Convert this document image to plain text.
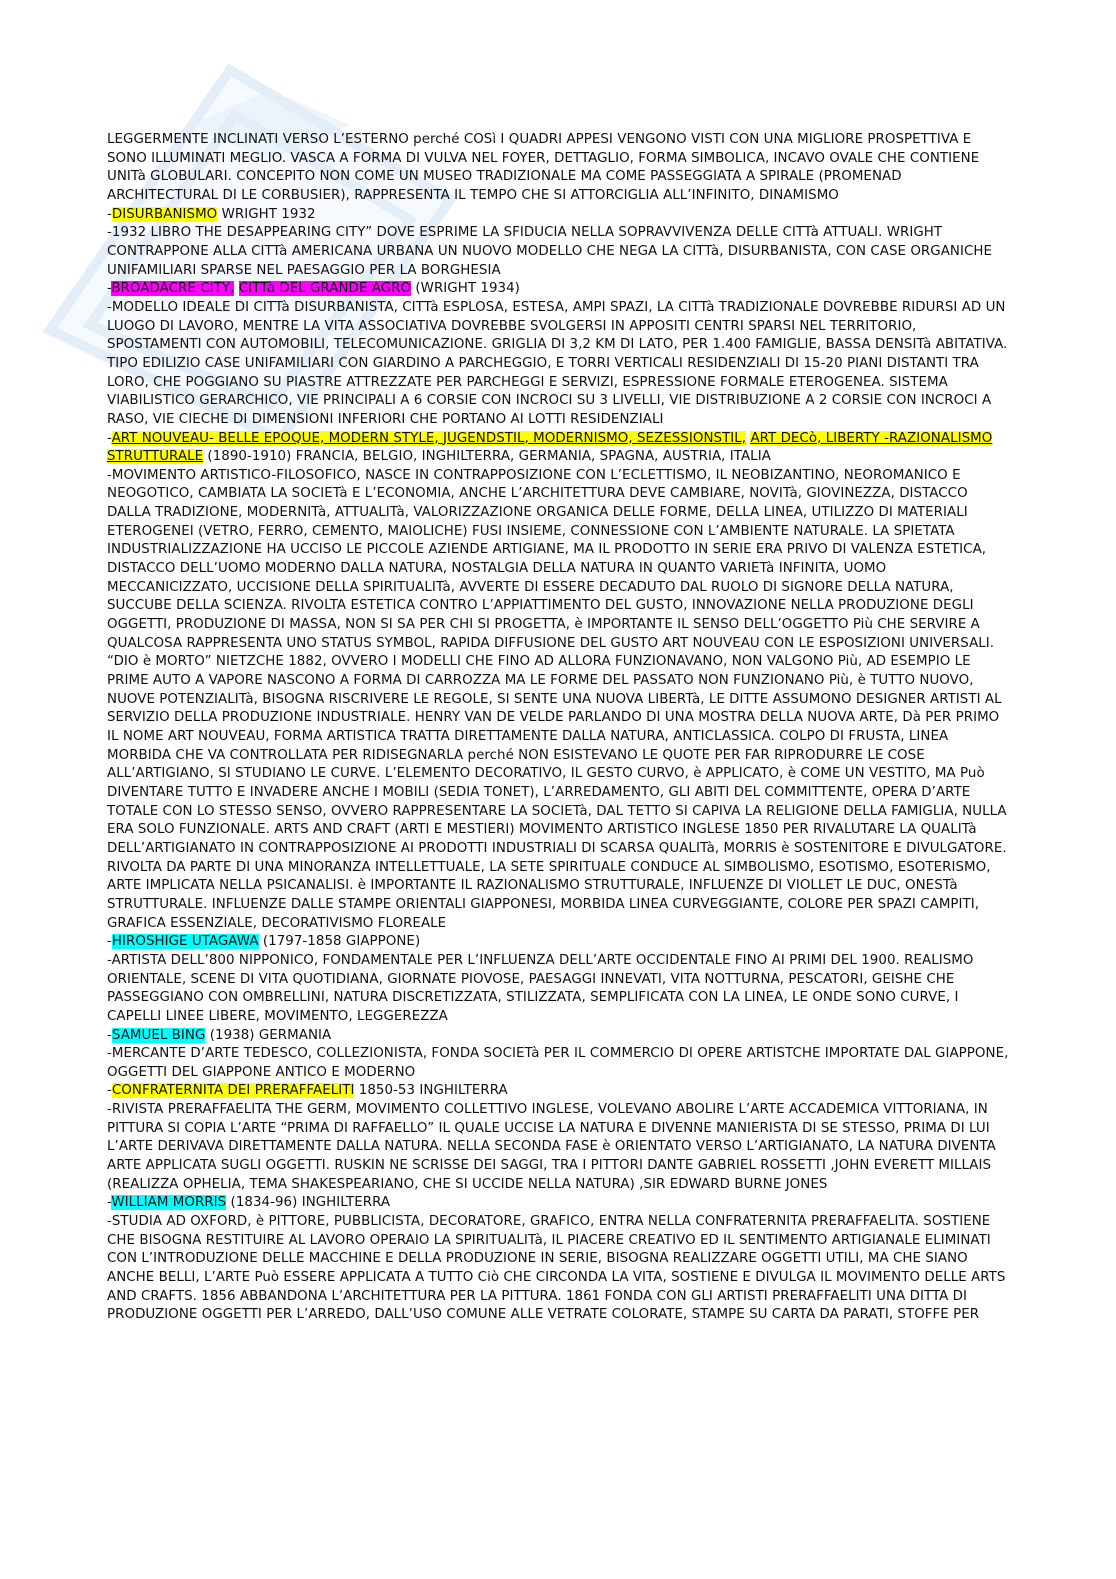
LEGGERMENTE INCLINATI VERSO L’ESTERNO perché COSì I QUADRI APPESI VENGONO VISTI CON UNA MIGLIORE PROSPETTIVA E SONO ILLUMINATI MEGLIO. VASCA A FORMA DI VULVA NEL FOYER, DETTAGLIO, FORMA SIMBOLICA, INCAVO OVALE CHE CONTIENE UNITà GLOBULARI. CONCEPITO NON COME UN MUSEO TRADIZIONALE MA COME PASSEGGIATA A SPIRALE (PROMENAD ARCHITECTURAL DI LE CORBUSIER), RAPPRESENTA IL TEMPO CHE SI ATTORCIGLIA ALL’INFINITO, DINAMISMO

-DISURBANISMO WRIGHT 1932

-1932 LIBRO THE DESAPPEARING CITY” DOVE ESPRIME LA SFIDUCIA NELLA SOPRAVVIVENZA DELLE CITTà ATTUALI. WRIGHT CONTRAPPONE ALLA CITTà AMERICANA URBANA UN NUOVO MODELLO CHE NEGA LA CITTà, DISURBANISTA, CON CASE ORGANICHE UNIFAMILIARI SPARSE NEL PAESAGGIO PER LA BORGHESIA

-BROADACRE CITY, CITTà DEL GRANDE AGRO (WRIGHT 1934)

-MODELLO IDEALE DI CITTà DISURBANISTA, CITTà ESPLOSA, ESTESA, AMPI SPAZI, LA CITTà TRADIZIONALE DOVREBBE RIDURSI AD UN LUOGO DI LAVORO, MENTRE LA VITA ASSOCIATIVA DOVREBBE SVOLGERSI IN APPOSITI CENTRI SPARSI NEL TERRITORIO, SPOSTAMENTI CON AUTOMOBILI, TELECOMUNICAZIONE. GRIGLIA DI 3,2 KM DI LATO, PER 1.400 FAMIGLIE, BASSA DENSITà ABITATIVA. TIPO EDILIZIO CASE UNIFAMILIARI CON GIARDINO A PARCHEGGIO, E TORRI VERTICALI RESIDENZIALI DI 15-20 PIANI DISTANTI TRA LORO, CHE POGGIANO SU PIASTRE ATTREZZATE PER PARCHEGGI E SERVIZI, ESPRESSIONE FORMALE ETEROGENEA. SISTEMA VIABILISTICO GERARCHICO, VIE PRINCIPALI A 6 CORSIE CON INCROCI SU 3 LIVELLI, VIE DISTRIBUZIONE A 2 CORSIE CON INCROCI A RASO, VIE CIECHE DI DIMENSIONI INFERIORI CHE PORTANO AI LOTTI RESIDENZIALI

-ART NOUVEAU- BELLE EPOQUE, MODERN STYLE, JUGENDSTIL, MODERNISMO, SEZESSIONSTIL, ART DECò, LIBERTY -RAZIONALISMO STRUTTURALE (1890-1910) FRANCIA, BELGIO, INGHILTERRA, GERMANIA, SPAGNA, AUSTRIA, ITALIA

-MOVIMENTO ARTISTICO-FILOSOFICO, NASCE IN CONTRAPPOSIZIONE CON L’ECLETTISMO, IL NEOBIZANTINO, NEOROMANICO E NEOGOTICO, CAMBIATA LA SOCIETà E L’ECONOMIA, ANCHE L’ARCHITETTURA DEVE CAMBIARE, NOVITà, GIOVINEZZA, DISTACCO DALLA TRADIZIONE, MODERNITà, ATTUALITà, VALORIZZAZIONE ORGANICA DELLE FORME, DELLA LINEA, UTILIZZO DI MATERIALI ETEROGENEI (VETRO, FERRO, CEMENTO, MAIOLICHE) FUSI INSIEME, CONNESSIONE CON L’AMBIENTE NATURALE. LA SPIETATA INDUSTRIALIZZAZIONE HA UCCISO LE PICCOLE AZIENDE ARTIGIANE, MA IL PRODOTTO IN SERIE ERA PRIVO DI VALENZA ESTETICA, DISTACCO DELL’UOMO MODERNO DALLA NATURA, NOSTALGIA DELLA NATURA IN QUANTO VARIETà INFINITA, UOMO MECCANICIZZATO, UCCISIONE DELLA SPIRITUALITà, AVVERTE DI ESSERE DECADUTO DAL RUOLO DI SIGNORE DELLA NATURA, SUCCUBE DELLA SCIENZA. RIVOLTA ESTETICA CONTRO L’APPIATTIMENTO DEL GUSTO, INNOVAZIONE NELLA PRODUZIONE DEGLI OGGETTI, PRODUZIONE DI MASSA, NON SI SA PER CHI SI PROGETTA, è IMPORTANTE IL SENSO DELL’OGGETTO Più CHE SERVIRE A QUALCOSA RAPPRESENTA UNO STATUS SYMBOL, RAPIDA DIFFUSIONE DEL GUSTO ART NOUVEAU CON LE ESPOSIZIONI UNIVERSALI. “DIO è MORTO” NIETZCHE 1882, OVVERO I MODELLI CHE FINO AD ALLORA FUNZIONAVANO, NON VALGONO Più, AD ESEMPIO LE PRIME AUTO A VAPORE NASCONO A FORMA DI CARROZZA MA LE FORME DEL PASSATO NON FUNZIONANO Più, è TUTTO NUOVO, NUOVE POTENZIALITà, BISOGNA RISCRIVERE LE REGOLE, SI SENTE UNA NUOVA LIBERTà, LE DITTE ASSUMONO DESIGNER ARTISTI AL SERVIZIO DELLA PRODUZIONE INDUSTRIALE. HENRY VAN DE VELDE PARLANDO DI UNA MOSTRA DELLA NUOVA ARTE, Dà PER PRIMO IL NOME ART NOUVEAU, FORMA ARTISTICA TRATTA DIRETTAMENTE DALLA NATURA, ANTICLASSICA. COLPO DI FRUSTA, LINEA MORBIDA CHE VA CONTROLLATA PER RIDISEGNARLA perché NON ESISTEVANO LE QUOTE PER FAR RIPRODURRE LE COSE ALL’ARTIGIANO, SI STUDIANO LE CURVE. L’ELEMENTO DECORATIVO, IL GESTO CURVO, è APPLICATO, è COME UN VESTITO, MA Può DIVENTARE TUTTO E INVADERE ANCHE I MOBILI (SEDIA TONET), L’ARREDAMENTO, GLI ABITI DEL COMMITTENTE, OPERA D’ARTE TOTALE CON LO STESSO SENSO, OVVERO RAPPRESENTARE LA SOCIETà, DAL TETTO SI CAPIVA LA RELIGIONE DELLA FAMIGLIA, NULLA ERA SOLO FUNZIONALE. ARTS AND CRAFT (ARTI E MESTIERI) MOVIMENTO ARTISTICO INGLESE 1850 PER RIVALUTARE LA QUALITà DELL’ARTIGIANATO IN CONTRAPPOSIZIONE AI PRODOTTI INDUSTRIALI DI SCARSA QUALITà, MORRIS è SOSTENITORE E DIVULGATORE. RIVOLTA DA PARTE DI UNA MINORANZA INTELLETTUALE, LA SETE SPIRITUALE CONDUCE AL SIMBOLISMO, ESOTISMO, ESOTERISMO, ARTE IMPLICATA NELLA PSICANALISI. è IMPORTANTE IL RAZIONALISMO STRUTTURALE, INFLUENZE DI VIOLLET LE DUC, ONESTà STRUTTURALE. INFLUENZE DALLE STAMPE ORIENTALI GIAPPONESI, MORBIDA LINEA CURVEGGIANTE, COLORE PER SPAZI CAMPITI, GRAFICA ESSENZIALE, DECORATIVISMO FLOREALE

-HIROSHIGE UTAGAWA (1797-1858 GIAPPONE)

-ARTISTA DELL’800 NIPPONICO, FONDAMENTALE PER L’INFLUENZA DELL’ARTE OCCIDENTALE FINO AI PRIMI DEL 1900. REALISMO ORIENTALE, SCENE DI VITA QUOTIDIANA, GIORNATE PIOVOSE, PAESAGGI INNEVATI, VITA NOTTURNA, PESCATORI, GEISHE CHE PASSEGGIANO CON OMBRELLINI, NATURA DISCRETIZZATA, STILIZZATA, SEMPLIFICATA CON LA LINEA, LE ONDE SONO CURVE, I CAPELLI LINEE LIBERE, MOVIMENTO, LEGGEREZZA

-SAMUEL BING (1938) GERMANIA

-MERCANTE D’ARTE TEDESCO, COLLEZIONISTA, FONDA SOCIETà PER IL COMMERCIO DI OPERE ARTISTCHE IMPORTATE DAL GIAPPONE, OGGETTI DEL GIAPPONE ANTICO E MODERNO

-CONFRATERNITA DEI PRERAFFAELITI 1850-53 INGHILTERRA

-RIVISTA PRERAFFAELITA THE GERM, MOVIMENTO COLLETTIVO INGLESE, VOLEVANO ABOLIRE L’ARTE ACCADEMICA VITTORIANA, IN PITTURA SI COPIA L’ARTE “PRIMA DI RAFFAELLO” IL QUALE UCCISE LA NATURA E DIVENNE MANIERISTA DI SE STESSO, PRIMA DI LUI L’ARTE DERIVAVA DIRETTAMENTE DALLA NATURA. NELLA SECONDA FASE è ORIENTATO VERSO L’ARTIGIANATO, LA NATURA DIVENTA ARTE APPLICATA SUGLI OGGETTI. RUSKIN NE SCRISSE DEI SAGGI, TRA I PITTORI DANTE GABRIEL ROSSETTI ,JOHN EVERETT MILLAIS (REALIZZA OPHELIA, TEMA SHAKESPEARIANO, CHE SI UCCIDE NELLA NATURA) ,SIR EDWARD BURNE JONES

-WILLIAM MORRIS (1834-96) INGHILTERRA

-STUDIA AD OXFORD, è PITTORE, PUBBLICISTA, DECORATORE, GRAFICO, ENTRA NELLA CONFRATERNITA PRERAFFAELITA. SOSTIENE CHE BISOGNA RESTITUIRE AL LAVORO OPERAIO LA SPIRITUALITà, IL PIACERE CREATIVO ED IL SENTIMENTO ARTIGIANALE ELIMINATI CON L’INTRODUZIONE DELLE MACCHINE E DELLA PRODUZIONE IN SERIE, BISOGNA REALIZZARE OGGETTI UTILI, MA CHE SIANO ANCHE BELLI, L’ARTE Può ESSERE APPLICATA A TUTTO Ciò CHE CIRCONDA LA VITA, SOSTIENE E DIVULGA IL MOVIMENTO DELLE ARTS AND CRAFTS. 1856 ABBANDONA L’ARCHITETTURA PER LA PITTURA. 1861 FONDA CON GLI ARTISTI PRERAFFAELITI UNA DITTA DI PRODUZIONE OGGETTI PER L’ARREDO, DALL’USO COMUNE ALLE VETRATE COLORATE, STAMPE SU CARTA DA PARATI, STOFFE PER
